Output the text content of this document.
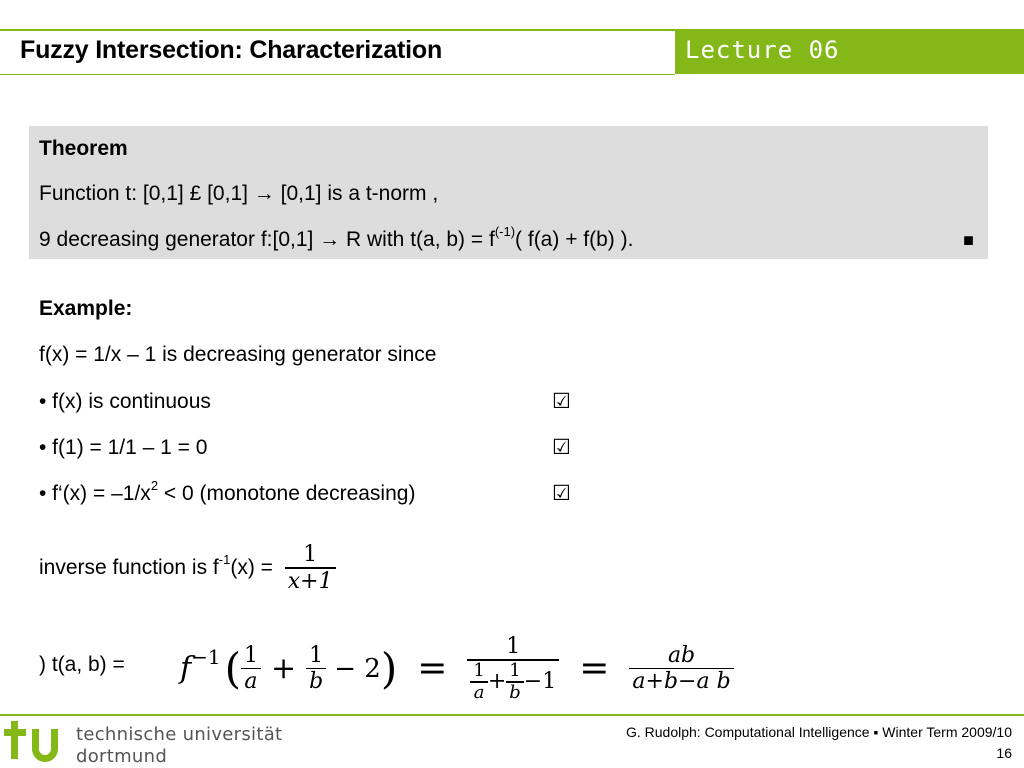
Fuzzy Intersection: Characterization	Lecture 06
Theorem
Function t: [0,1] £ [0,1] → [0,1] is a t-norm ,
9 decreasing generator f:[0,1] → R with t(a, $b) = f^{(-1)}$( f(a) + f(b) ).	■
Example:
f(x) = 1/x – 1 is decreasing generator since
• f(x) is continuous	☑
• f(1) = 1/1 – 1 = 0	☑
• f‘(x) = $-1/x^2 < 0$ (monotone decreasing)	☑
inverse function is $f^{-1}$ $(x) = \frac{1}{x+1}$
) t(a, b) = f −1 ( $\frac{1}{a} + \frac{1}{b} - 2$ ) =
1
$\frac{1}{a} + \frac{1}{b} -1 = \frac{ab}{\text{a+b−a b}}$
technische universität
dortmund
G. Rudolph: Computational Intelligence ▪ Winter Term 2009/10
16
